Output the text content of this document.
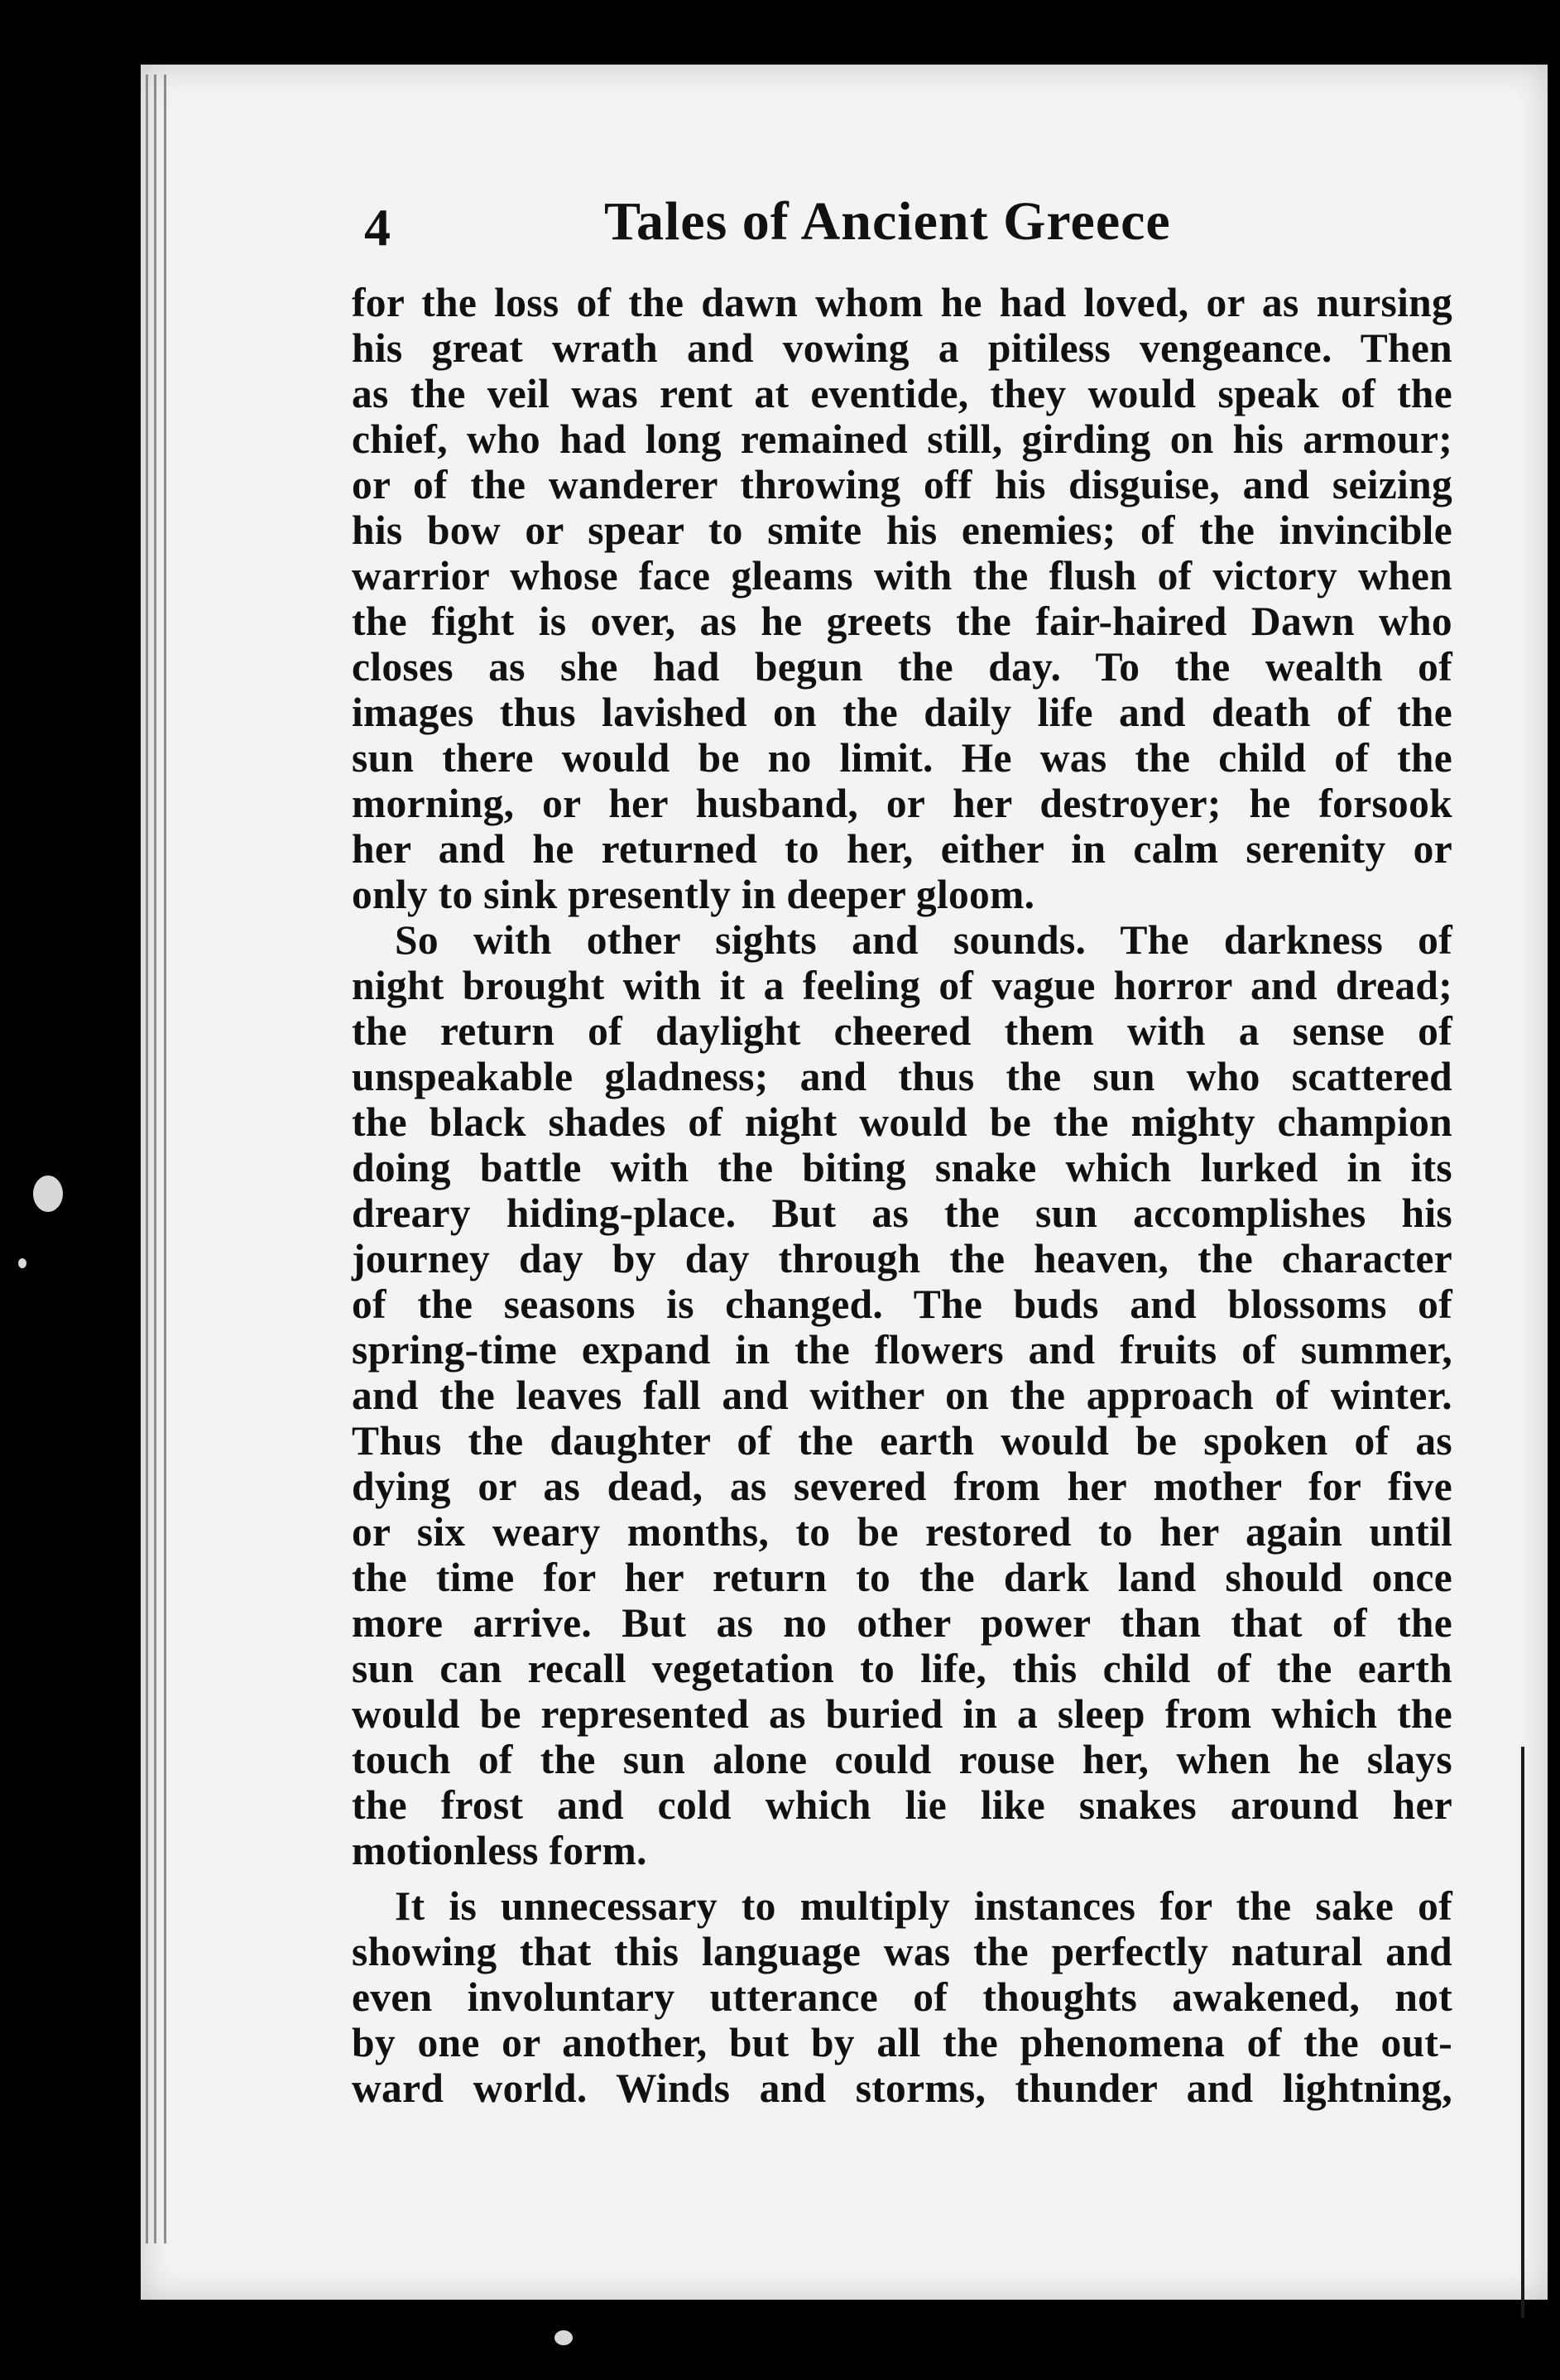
4	Tales of Ancient Greece
for the loss of the dawn whom he had loved, or as nursing
his great wrath and vowing a pitiless vengeance. Then
as the veil was rent at eventide, they would speak of the
chief, who had long remained still, girding on his armour;
or of the wanderer throwing off his disguise, and seizing
his bow or spear to smite his enemies; of the invincible
warrior whose face gleams with the flush of victory when
the fight is over, as he greets the fair-haired Dawn who
closes as she had begun the day. To the wealth of
images thus lavished on the daily life and death of the
sun there would be no limit. He was the child of the
morning, or her husband, or her destroyer; he forsook
her and he returned to her, either in calm serenity or
only to sink presently in deeper gloom.
So with other sights and sounds. The darkness of
night brought with it a feeling of vague horror and dread;
the return of daylight cheered them with a sense of
unspeakable gladness; and thus the sun who scattered
the black shades of night would be the mighty champion
doing battle with the biting snake which lurked in its
dreary hiding-place. But as the sun accomplishes his
journey day by day through the heaven, the character
of the seasons is changed. The buds and blossoms of
spring-time expand in the flowers and fruits of summer,
and the leaves fall and wither on the approach of winter.
Thus the daughter of the earth would be spoken of as
dying or as dead, as severed from her mother for five
or six weary months, to be restored to her again until
the time for her return to the dark land should once
more arrive. But as no other power than that of the
sun can recall vegetation to life, this child of the earth
would be represented as buried in a sleep from which the
touch of the sun alone could rouse her, when he slays
the frost and cold which lie like snakes around her
motionless form.
It is unnecessary to multiply instances for the sake of
showing that this language was the perfectly natural and
even involuntary utterance of thoughts awakened, not
by one or another, but by all the phenomena of the out-
ward world. Winds and storms, thunder and lightning,
